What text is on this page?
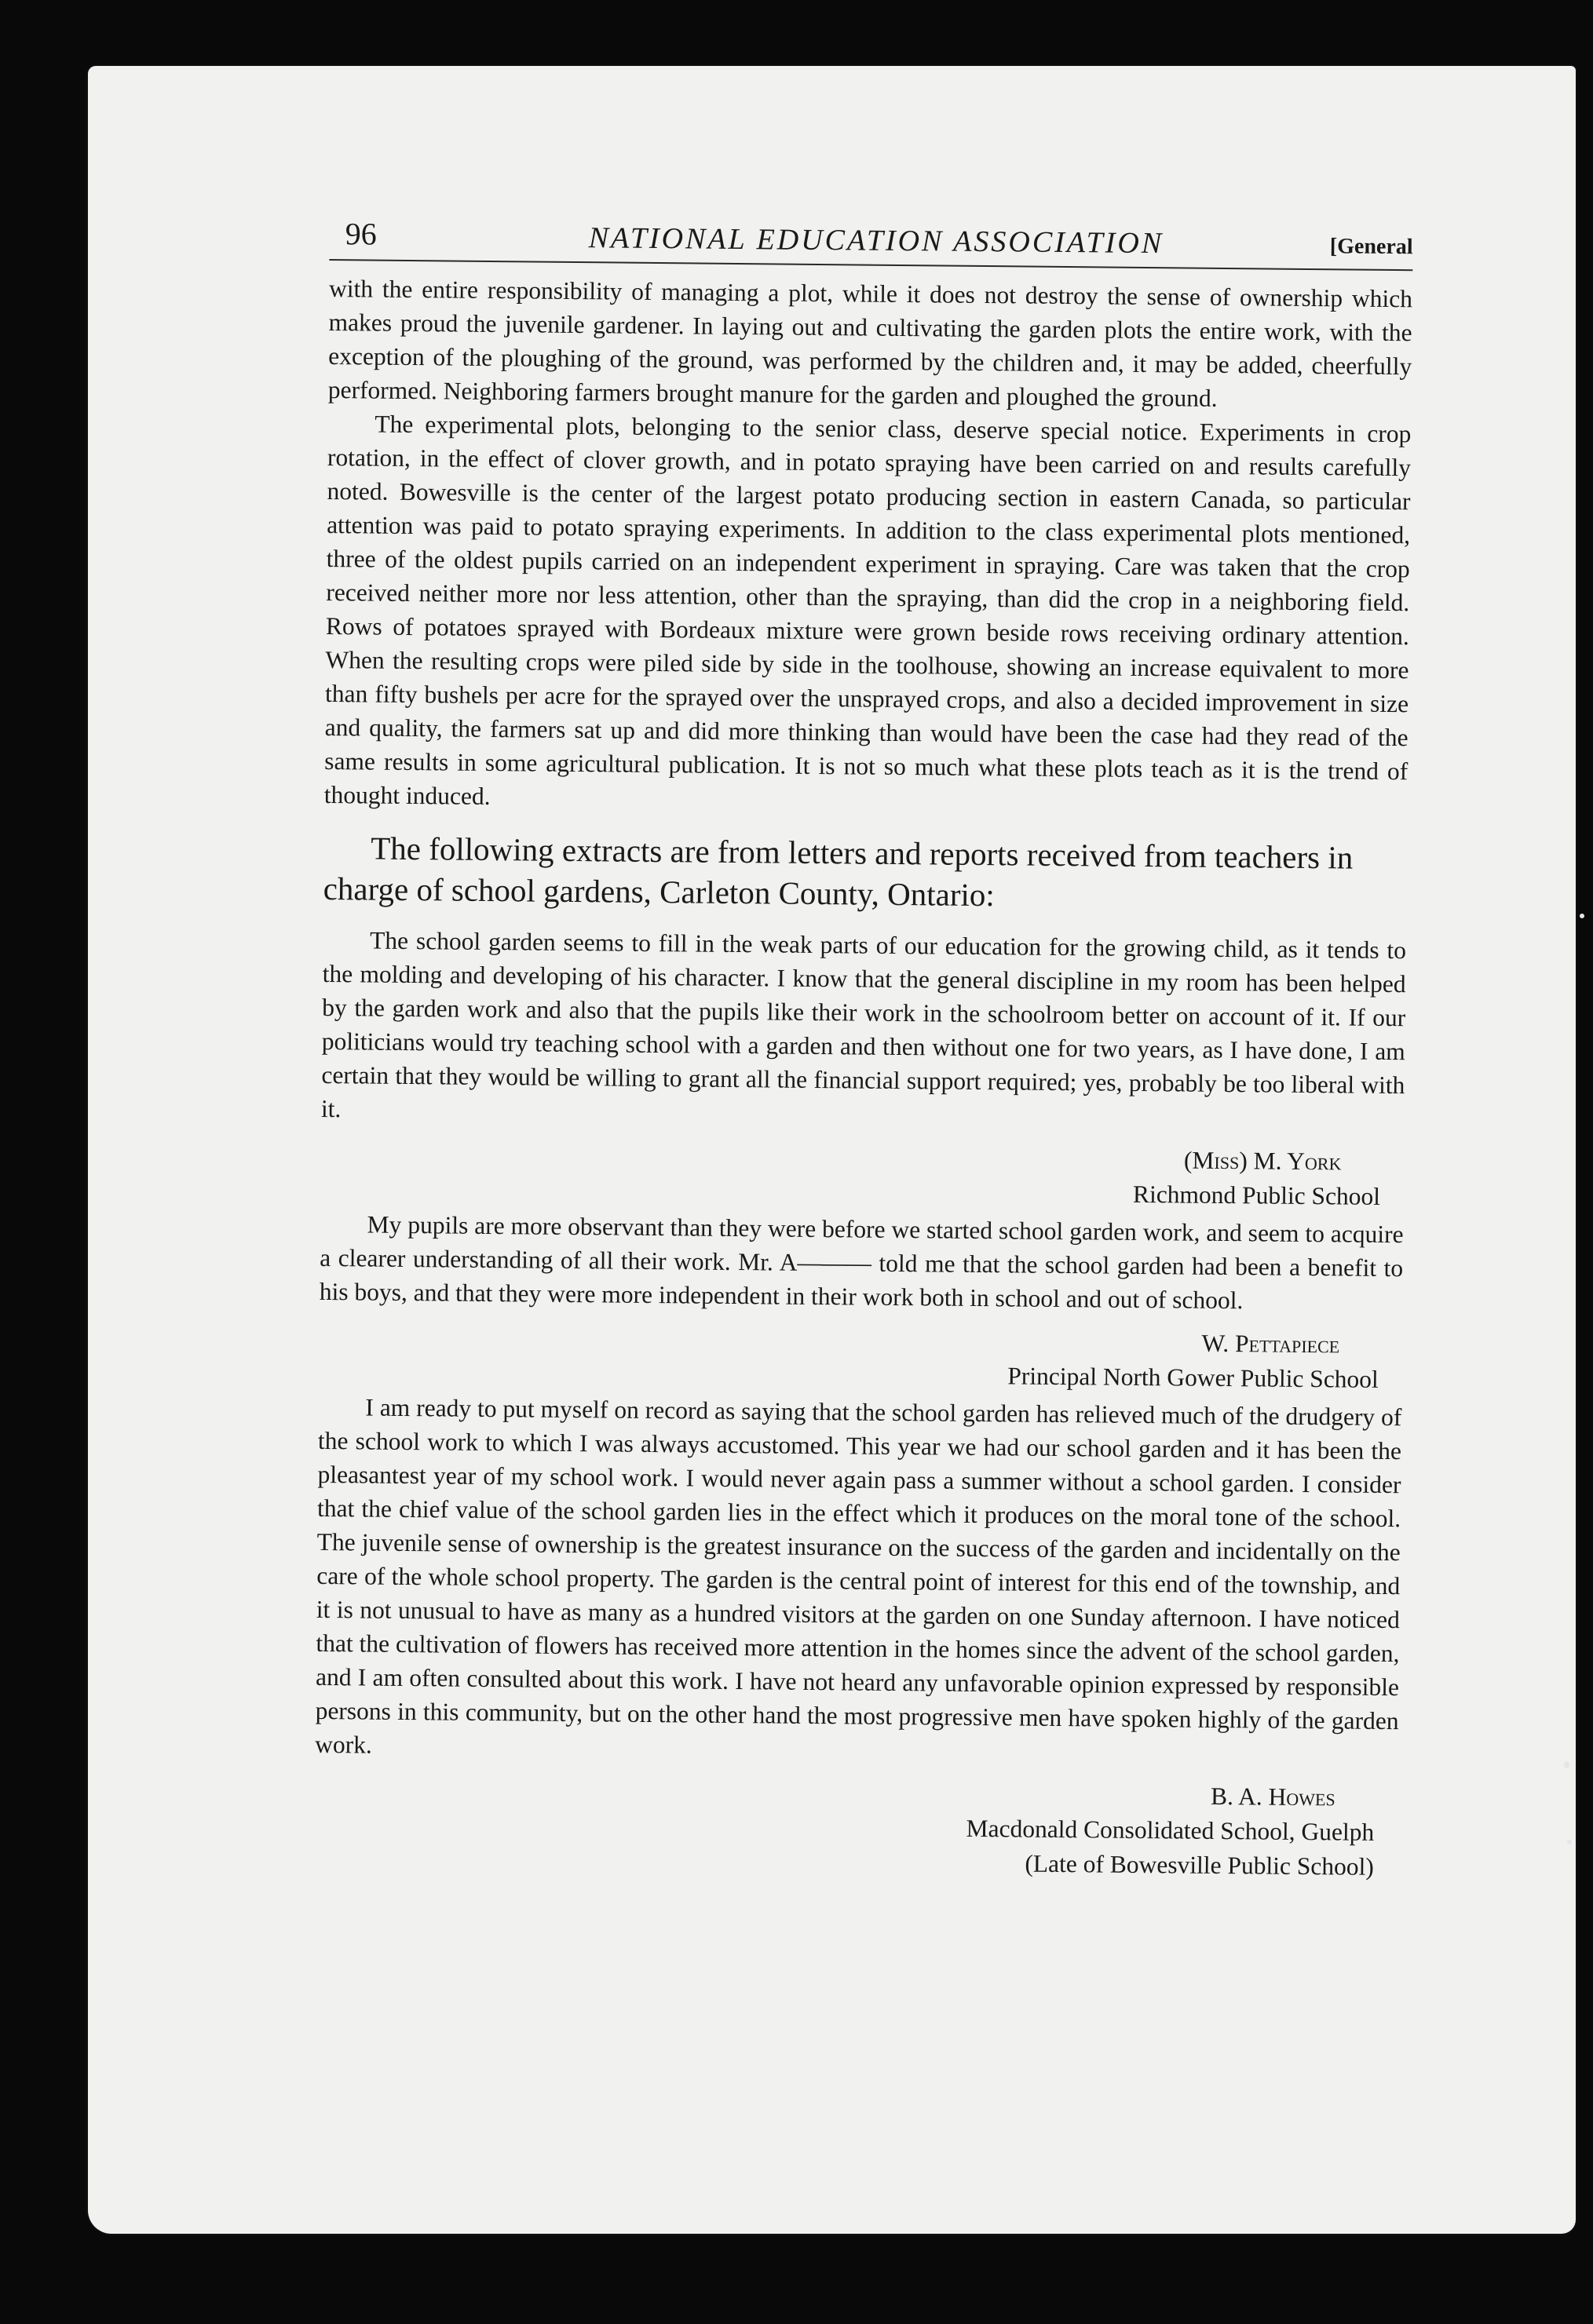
96	NATIONAL EDUCATION ASSOCIATION	[General

with the entire responsibility of managing a plot, while it does not destroy the sense of ownership which makes proud the juvenile gardener. In laying out and cultivating the garden plots the entire work, with the exception of the ploughing of the ground, was performed by the children and, it may be added, cheerfully performed. Neighboring farmers brought manure for the garden and ploughed the ground.

The experimental plots, belonging to the senior class, deserve special notice. Experiments in crop rotation, in the effect of clover growth, and in potato spraying have been carried on and results carefully noted. Bowesville is the center of the largest potato producing section in eastern Canada, so particular attention was paid to potato spraying experiments. In addition to the class experimental plots mentioned, three of the oldest pupils carried on an independent experiment in spraying. Care was taken that the crop received neither more nor less attention, other than the spraying, than did the crop in a neighboring field. Rows of potatoes sprayed with Bordeaux mixture were grown beside rows receiving ordinary attention. When the resulting crops were piled side by side in the toolhouse, showing an increase equivalent to more than fifty bushels per acre for the sprayed over the unsprayed crops, and also a decided improvement in size and quality, the farmers sat up and did more thinking than would have been the case had they read of the same results in some agricultural publication. It is not so much what these plots teach as it is the trend of thought induced.

The following extracts are from letters and reports received from teachers in charge of school gardens, Carleton County, Ontario:

The school garden seems to fill in the weak parts of our education for the growing child, as it tends to the molding and developing of his character. I know that the general discipline in my room has been helped by the garden work and also that the pupils like their work in the schoolroom better on account of it. If our politicians would try teaching school with a garden and then without one for two years, as I have done, I am certain that they would be willing to grant all the financial support required; yes, probably be too liberal with it.

(Miss) M. York
Richmond Public School

My pupils are more observant than they were before we started school garden work, and seem to acquire a clearer understanding of all their work. Mr. A——— told me that the school garden had been a benefit to his boys, and that they were more independent in their work both in school and out of school.

W. Pettapiece
Principal North Gower Public School

I am ready to put myself on record as saying that the school garden has relieved much of the drudgery of the school work to which I was always accustomed. This year we had our school garden and it has been the pleasantest year of my school work. I would never again pass a summer without a school garden. I consider that the chief value of the school garden lies in the effect which it produces on the moral tone of the school. The juvenile sense of ownership is the greatest insurance on the success of the garden and incidentally on the care of the whole school property. The garden is the central point of interest for this end of the township, and it is not unusual to have as many as a hundred visitors at the garden on one Sunday afternoon. I have noticed that the cultivation of flowers has received more attention in the homes since the advent of the school garden, and I am often consulted about this work. I have not heard any unfavorable opinion expressed by responsible persons in this community, but on the other hand the most progressive men have spoken highly of the garden work.

B. A. Howes
Macdonald Consolidated School, Guelph
(Late of Bowesville Public School)
